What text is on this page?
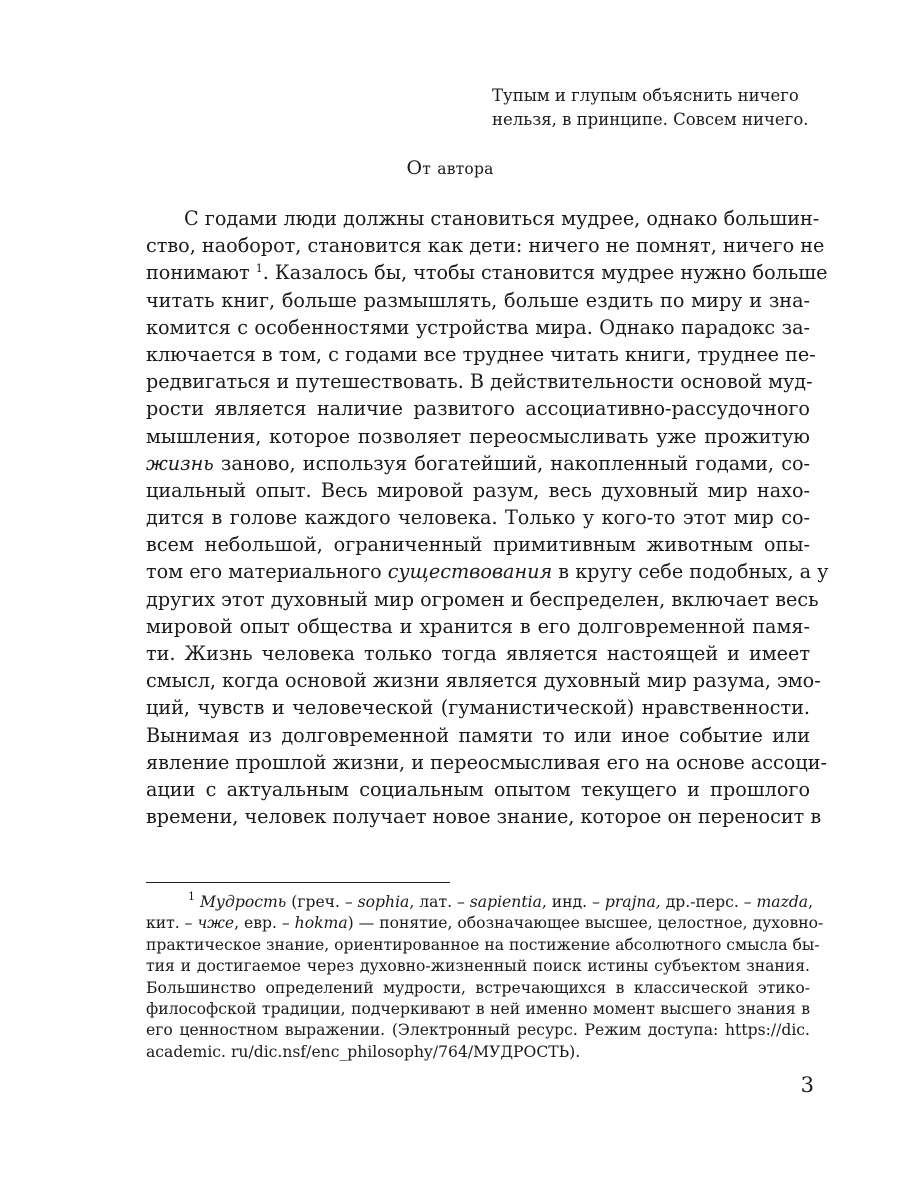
Тупым и глупым объяснить ничего
нельзя, в принципе. Совсем ничего.
От автора
С годами люди должны становиться мудрее, однако большин-
ство, наоборот, становится как дети: ничего не помнят, ничего не
понимают $^1$. Казалось бы, чтобы становится мудрее нужно больше
читать книг, больше размышлять, больше ездить по миру и зна-
комится с особенностями устройства мира. Однако парадокс за-
ключается в том, с годами все труднее читать книги, труднее пе-
редвигаться и путешествовать. В действительности основой муд-
рости является наличие развитого ассоциативно-рассудочного
мышления, которое позволяет переосмысливать уже прожитую
жизнь заново, используя богатейший, накопленный годами, со-
циальный опыт. Весь мировой разум, весь духовный мир нахо-
дится в голове каждого человека. Только у кого-то этот мир со-
всем небольшой, ограниченный примитивным животным опы-
том его материального существования в кругу себе подобных, а у
других этот духовный мир огромен и беспределен, включает весь
мировой опыт общества и хранится в его долговременной памя-
ти. Жизнь человека только тогда является настоящей и имеет
смысл, когда основой жизни является духовный мир разума, эмо-
ций, чувств и человеческой (гуманистической) нравственности.
Вынимая из долговременной памяти то или иное событие или
явление прошлой жизни, и переосмысливая его на основе ассоци-
ации с актуальным социальным опытом текущего и прошлого
времени, человек получает новое знание, которое он переносит в
$^1$ Мудрость (греч. – sophia, лат. – sapientia, инд. – prajna, др.-перс. – mazda,
кит. – чже, евр. – hokma) — понятие, обозначающее высшее, целостное, духовно-
практическое знание, ориентированное на постижение абсолютного смысла бы-
тия и достигаемое через духовно-жизненный поиск истины субъектом знания.
Большинство определений мудрости, встречающихся в классической этико-
философской традиции, подчеркивают в ней именно момент высшего знания в
его ценностном выражении. (Электронный ресурс. Режим доступа: https://dic.
academic. ru/dic.nsf/enc_philosophy/764/МУДРОСТЬ).
3
